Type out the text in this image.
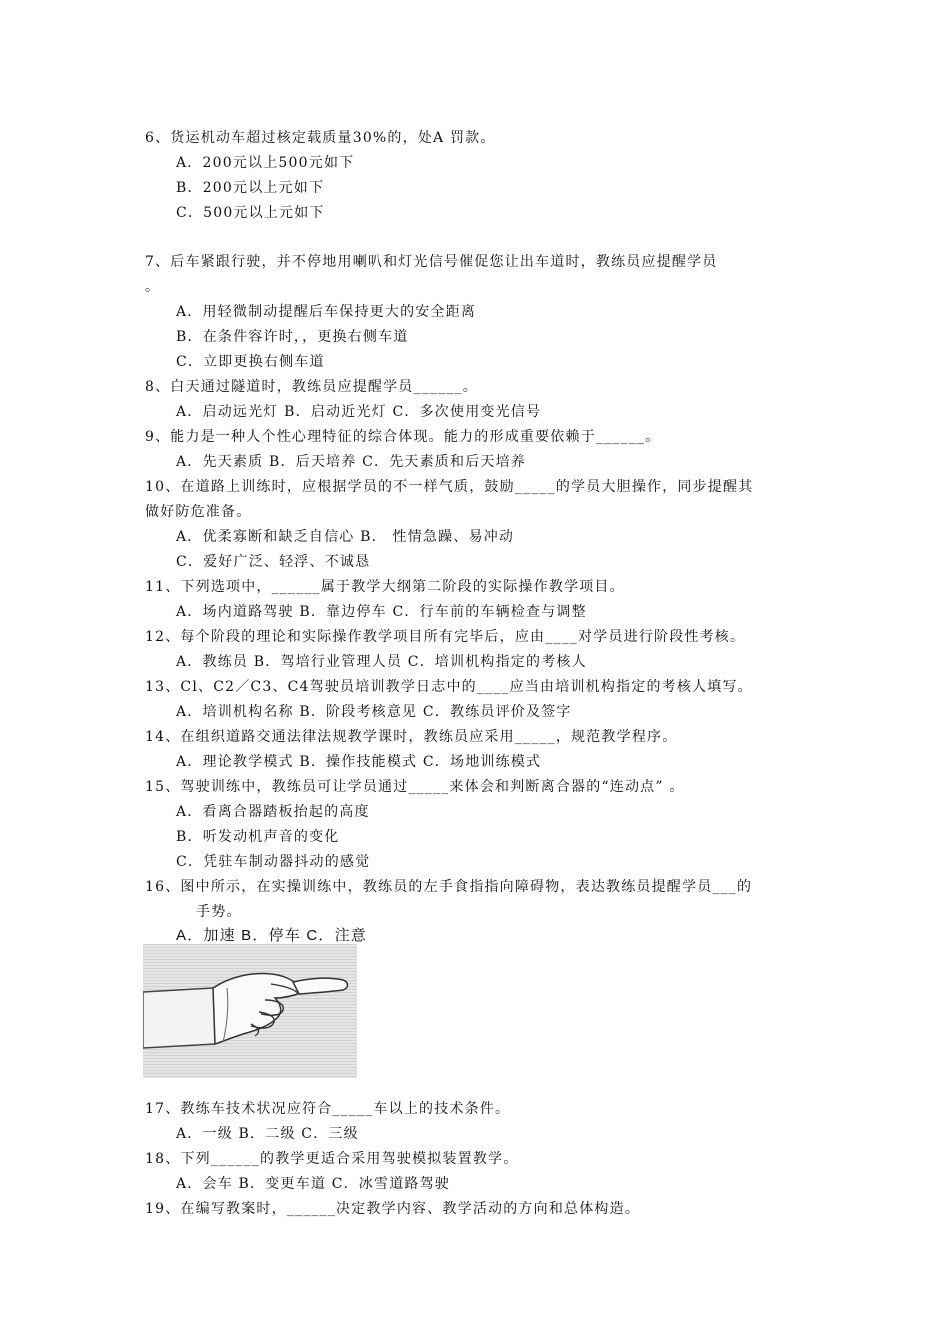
6、货运机动车超过核定载质量30%的，处A 罚款。
A．200元以上500元如下
B．200元以上元如下
C．500元以上元如下
7、后车紧跟行驶，并不停地用喇叭和灯光信号催促您让出车道时，教练员应提醒学员
。
A．用轻微制动提醒后车保持更大的安全距离
B．在条件容许时，，更换右侧车道
C．立即更换右侧车道
8、白天通过隧道时，教练员应提醒学员______。
A．启动远光灯 B．启动近光灯 C．多次使用变光信号
9、能力是一种人个性心理特征的综合体现。能力的形成重要依赖于______。
A．先天素质 B．后天培养 C．先天素质和后天培养
10、在道路上训练时，应根据学员的不一样气质，鼓励_____的学员大胆操作，同步提醒其
做好防危准备。
A．优柔寡断和缺乏自信心 B． 性情急躁、易冲动
C．爱好广泛、轻浮、不诚恳
11、下列选项中，______属于教学大纲第二阶段的实际操作教学项目。
A．场内道路驾驶 B．靠边停车 C．行车前的车辆检查与调整
12、每个阶段的理论和实际操作教学项目所有完毕后，应由____对学员进行阶段性考核。
A．教练员 B．驾培行业管理人员 C．培训机构指定的考核人
13、Cl、C2／C3、C4驾驶员培训教学日志中的____应当由培训机构指定的考核人填写。
A．培训机构名称 B．阶段考核意见 C．教练员评价及签字
14、在组织道路交通法律法规教学课时，教练员应采用_____，规范教学程序。
A．理论教学模式 B．操作技能模式 C．场地训练模式
15、驾驶训练中，教练员可让学员通过_____来体会和判断离合器的“连动点” 。
A．看离合器踏板抬起的高度
B．听发动机声音的变化
C．凭驻车制动器抖动的感觉
16、图中所示，在实操训练中，教练员的左手食指指向障碍物，表达教练员提醒学员___的
手势。
A．加速 B．停车 C．注意
17、教练车技术状况应符合_____车以上的技术条件。
A．一级 B．二级 C．三级
18、下列______的教学更适合采用驾驶模拟装置教学。
A．会车 B．变更车道 C．冰雪道路驾驶
19、在编写教案时，______决定教学内容、教学活动的方向和总体构造。
